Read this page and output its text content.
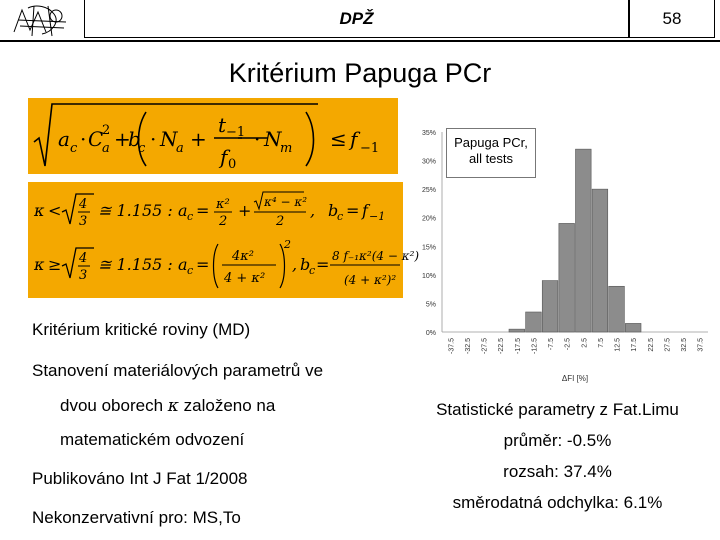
DPŽ	58
Kritérium Papuga PCr
a c · C
2
a +
b
c · N
a +
t −1
f 0
· N
m ≤ f −1
κ < 4
3
≅ 1.155 : a c = κ²
2
+ κ⁴ − κ²
2
, b
c = f −1
κ ≥ 4
3
≅ 1.155 : a c = 4κ²
4 + κ²
2
, b
c = 8 f₋₁κ²(4 − κ²)
(4 + κ²)²
Kritérium kritické roviny (MD)
Stanovení materiálových parametrů ve
dvou oborech κ založeno na
matematickém odvození
Publikováno Int J Fat 1/2008
Nekonzervativní pro: MS,To
Statistické parametry z Fat.Limu
průměr: -0.5%
rozsah: 37.4%
směrodatná odchylka: 6.1%
0%
5%
10%
15%
20%
25%
30%
35%
-37.5 -32.5 -27.5 -22.5 -17.5 -12.5 -7.5 -2.5 2.5 7.5 12.5 17.5 22.5 27.5 32.5 37.5
ΔFI [%]
Papuga PCr, all tests
